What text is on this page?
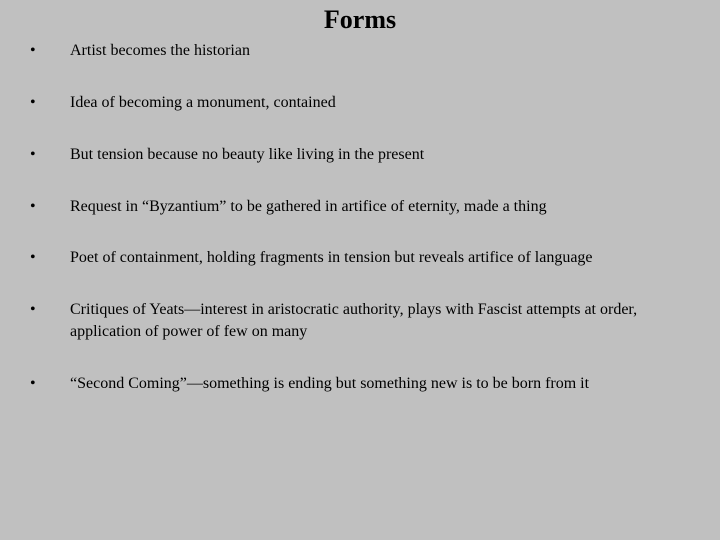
Forms
• Artist becomes the historian
• Idea of becoming a monument, contained
• But tension because no beauty like living in the present
• Request in “Byzantium” to be gathered in artifice of eternity, made a thing
• Poet of containment, holding fragments in tension but reveals artifice of language
• Critiques of Yeats—interest in aristocratic authority, plays with Fascist attempts at order, application of power of few on many
• “Second Coming”—something is ending but something new is to be born from it
